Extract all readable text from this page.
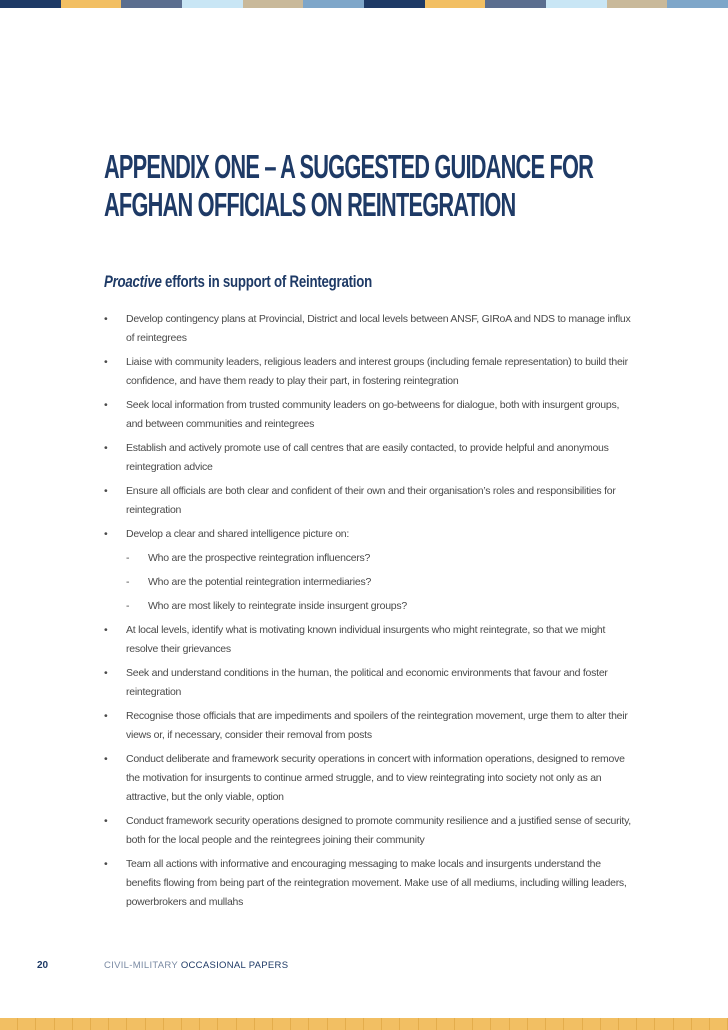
APPENDIX ONE – A SUGGESTED GUIDANCE FOR
AFGHAN OFFICIALS ON REINTEGRATION
Proactive efforts in support of Reintegration
• Develop contingency plans at Provincial, District and local levels between ANSF, GIRoA and NDS to manage influx of reintegrees
• Liaise with community leaders, religious leaders and interest groups (including female representation) to build their confidence, and have them ready to play their part, in fostering reintegration
• Seek local information from trusted community leaders on go-betweens for dialogue, both with insurgent groups, and between communities and reintegrees
• Establish and actively promote use of call centres that are easily contacted, to provide helpful and anonymous reintegration advice
• Ensure all officials are both clear and confident of their own and their organisation’s roles and responsibilities for reintegration
• Develop a clear and shared intelligence picture on:
- Who are the prospective reintegration influencers?
- Who are the potential reintegration intermediaries?
- Who are most likely to reintegrate inside insurgent groups?
• At local levels, identify what is motivating known individual insurgents who might reintegrate, so that we might resolve their grievances
• Seek and understand conditions in the human, the political and economic environments that favour and foster reintegration
• Recognise those officials that are impediments and spoilers of the reintegration movement, urge them to alter their views or, if necessary, consider their removal from posts
• Conduct deliberate and framework security operations in concert with information operations, designed to remove the motivation for insurgents to continue armed struggle, and to view reintegrating into society not only as an attractive, but the only viable, option
• Conduct framework security operations designed to promote community resilience and a justified sense of security, both for the local people and the reintegrees joining their community
• Team all actions with informative and encouraging messaging to make locals and insurgents understand the benefits flowing from being part of the reintegration movement. Make use of all mediums, including willing leaders, powerbrokers and mullahs
20	CIVIL-MILITARY OCCASIONAL PAPERS
